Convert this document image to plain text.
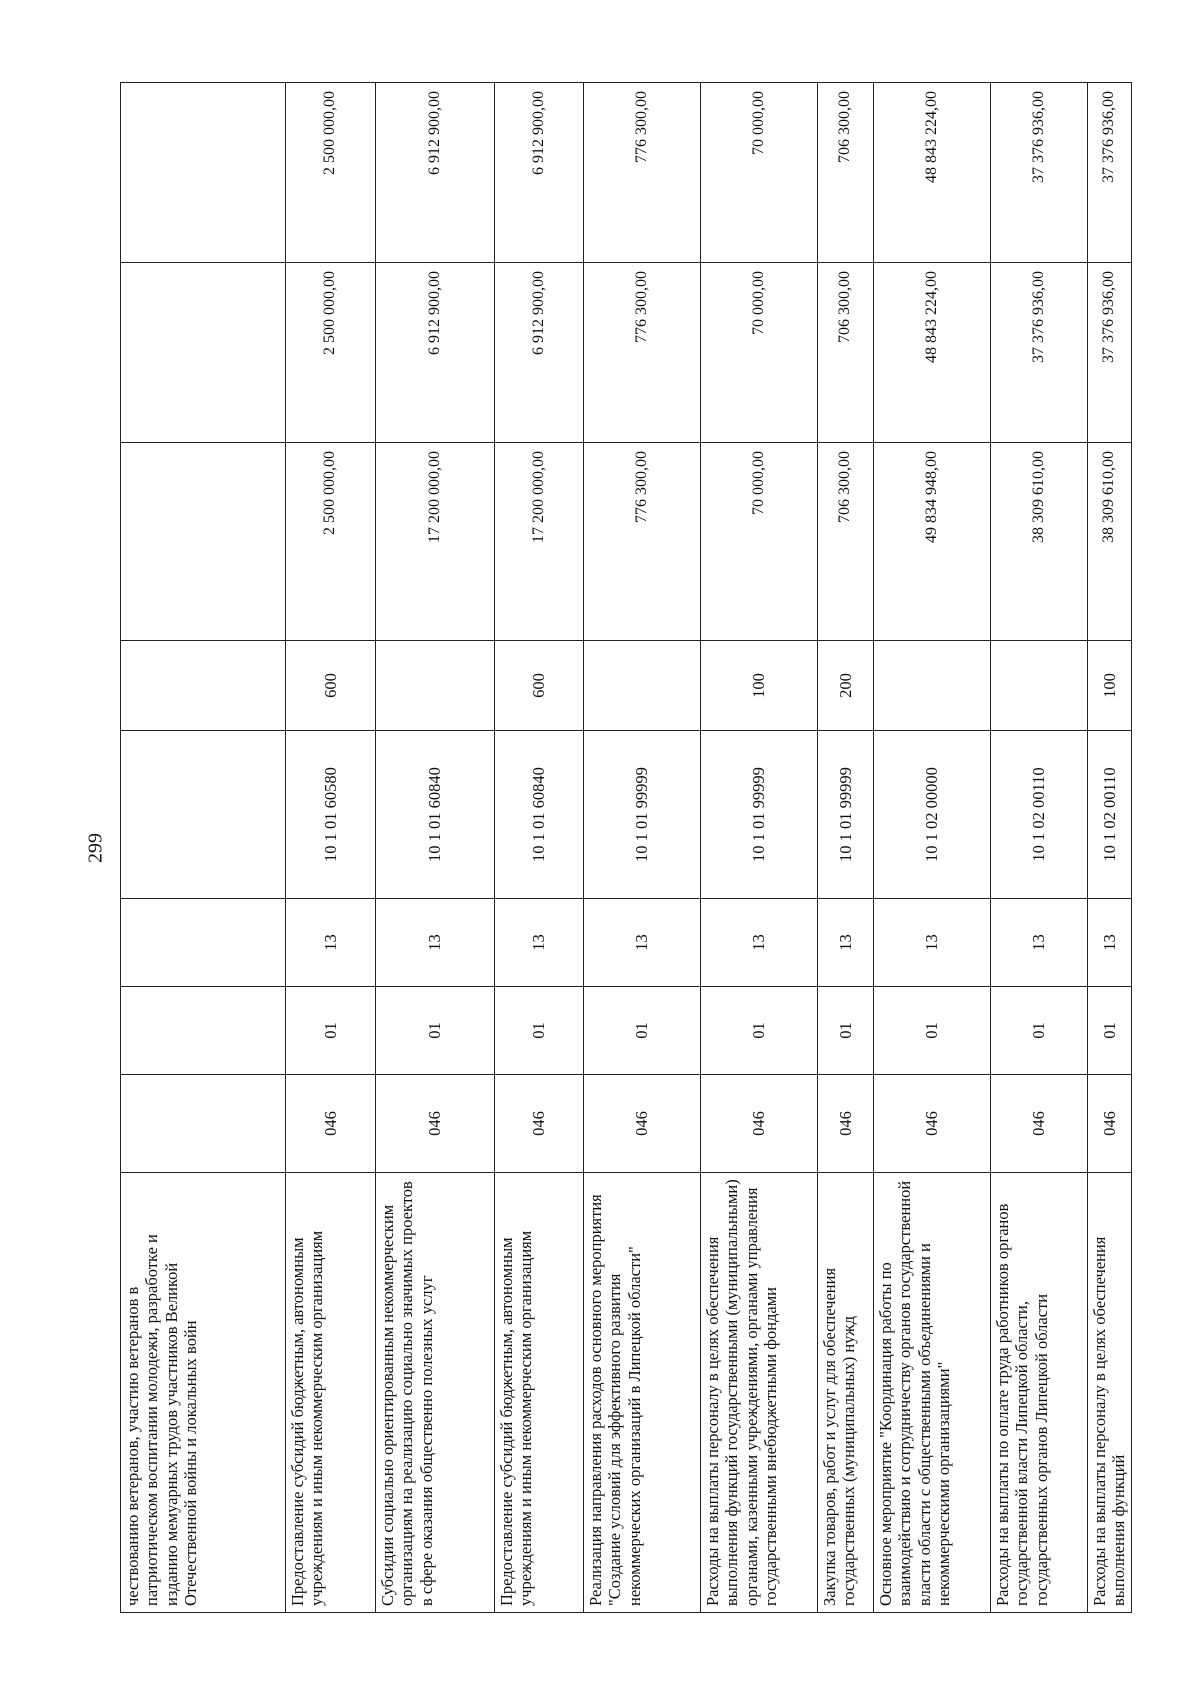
299
чествованию ветеранов, участию ветеранов в патриотическом воспитании молодежи, разработке и изданию мемуарных трудов участников Великой Отечественной войны и локальных войн								
Предоставление субсидий бюджетным, автономным учреждениям и иным некоммерческим организациям	046	01	13	10 1 01 60580	600	2 500 000,00	2 500 000,00	2 500 000,00
Субсидии социально ориентированным некоммерческим организациям на реализацию социально значимых проектов в сфере оказания общественно полезных услуг	046	01	13	10 1 01 60840		17 200 000,00	6 912 900,00	6 912 900,00
Предоставление субсидий бюджетным, автономным учреждениям и иным некоммерческим организациям	046	01	13	10 1 01 60840	600	17 200 000,00	6 912 900,00	6 912 900,00
Реализация направления расходов основного мероприятия "Создание условий для эффективного развития некоммерческих организаций в Липецкой области"	046	01	13	10 1 01 99999		776 300,00	776 300,00	776 300,00
Расходы на выплаты персоналу в целях обеспечения выполнения функций государственными (муниципальными) органами, казенными учреждениями, органами управления государственными внебюджетными фондами	046	01	13	10 1 01 99999	100	70 000,00	70 000,00	70 000,00
Закупка товаров, работ и услуг для обеспечения государственных (муниципальных) нужд	046	01	13	10 1 01 99999	200	706 300,00	706 300,00	706 300,00
Основное мероприятие "Координация работы по взаимодействию и сотрудничеству органов государственной власти области с общественными объединениями и некоммерческими организациями"	046	01	13	10 1 02 00000		49 834 948,00	48 843 224,00	48 843 224,00
Расходы на выплаты по оплате труда работников органов государственной власти Липецкой области, государственных органов Липецкой области	046	01	13	10 1 02 00110		38 309 610,00	37 376 936,00	37 376 936,00
Расходы на выплаты персоналу в целях обеспечения выполнения функций	046	01	13	10 1 02 00110	100	38 309 610,00	37 376 936,00	37 376 936,00
